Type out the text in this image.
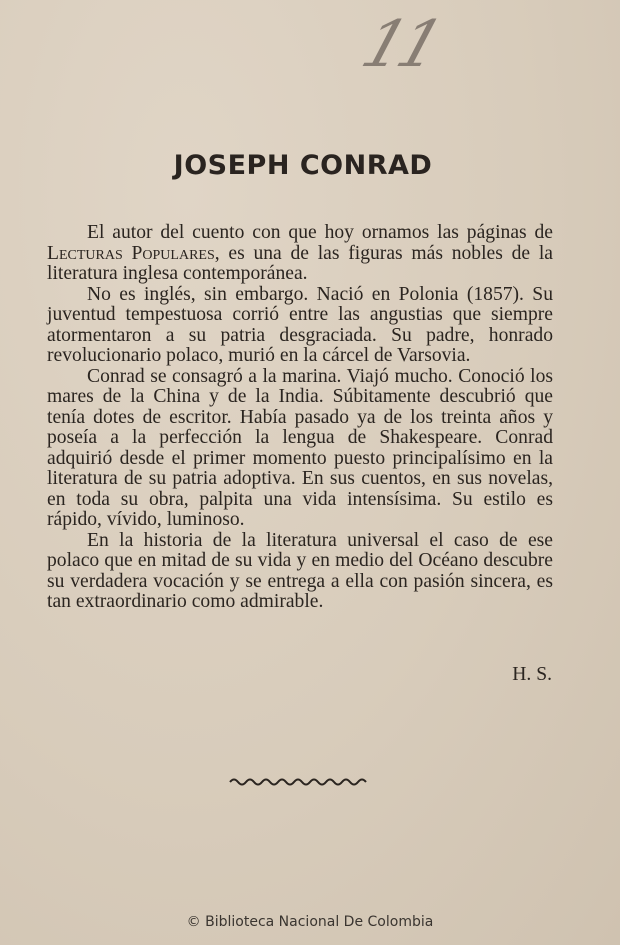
11
JOSEPH CONRAD

El autor del cuento con que hoy ornamos las páginas de Lecturas Populares, es una de las figuras más nobles de la literatura inglesa contemporánea.

No es inglés, sin embargo. Nació en Polonia (1857). Su juventud tempestuosa corrió entre las angustias que siempre atormentaron a su patria desgraciada. Su padre, honrado revolucionario polaco, murió en la cárcel de Varsovia.

Conrad se consagró a la marina. Viajó mucho. Conoció los mares de la China y de la India. Súbitamente descubrió que tenía dotes de escritor. Había pasado ya de los treinta años y poseía a la perfección la lengua de Shakespeare. Conrad adquirió desde el primer momento puesto principalísimo en la literatura de su patria adoptiva. En sus cuentos, en sus novelas, en toda su obra, palpita una vida intensísima. Su estilo es rápido, vívido, luminoso.

En la historia de la literatura universal el caso de ese polaco que en mitad de su vida y en medio del Océano descubre su verdadera vocación y se entrega a ella con pasión sincera, es tan extraordinario como admirable.

H. S.
© Biblioteca Nacional De Colombia
